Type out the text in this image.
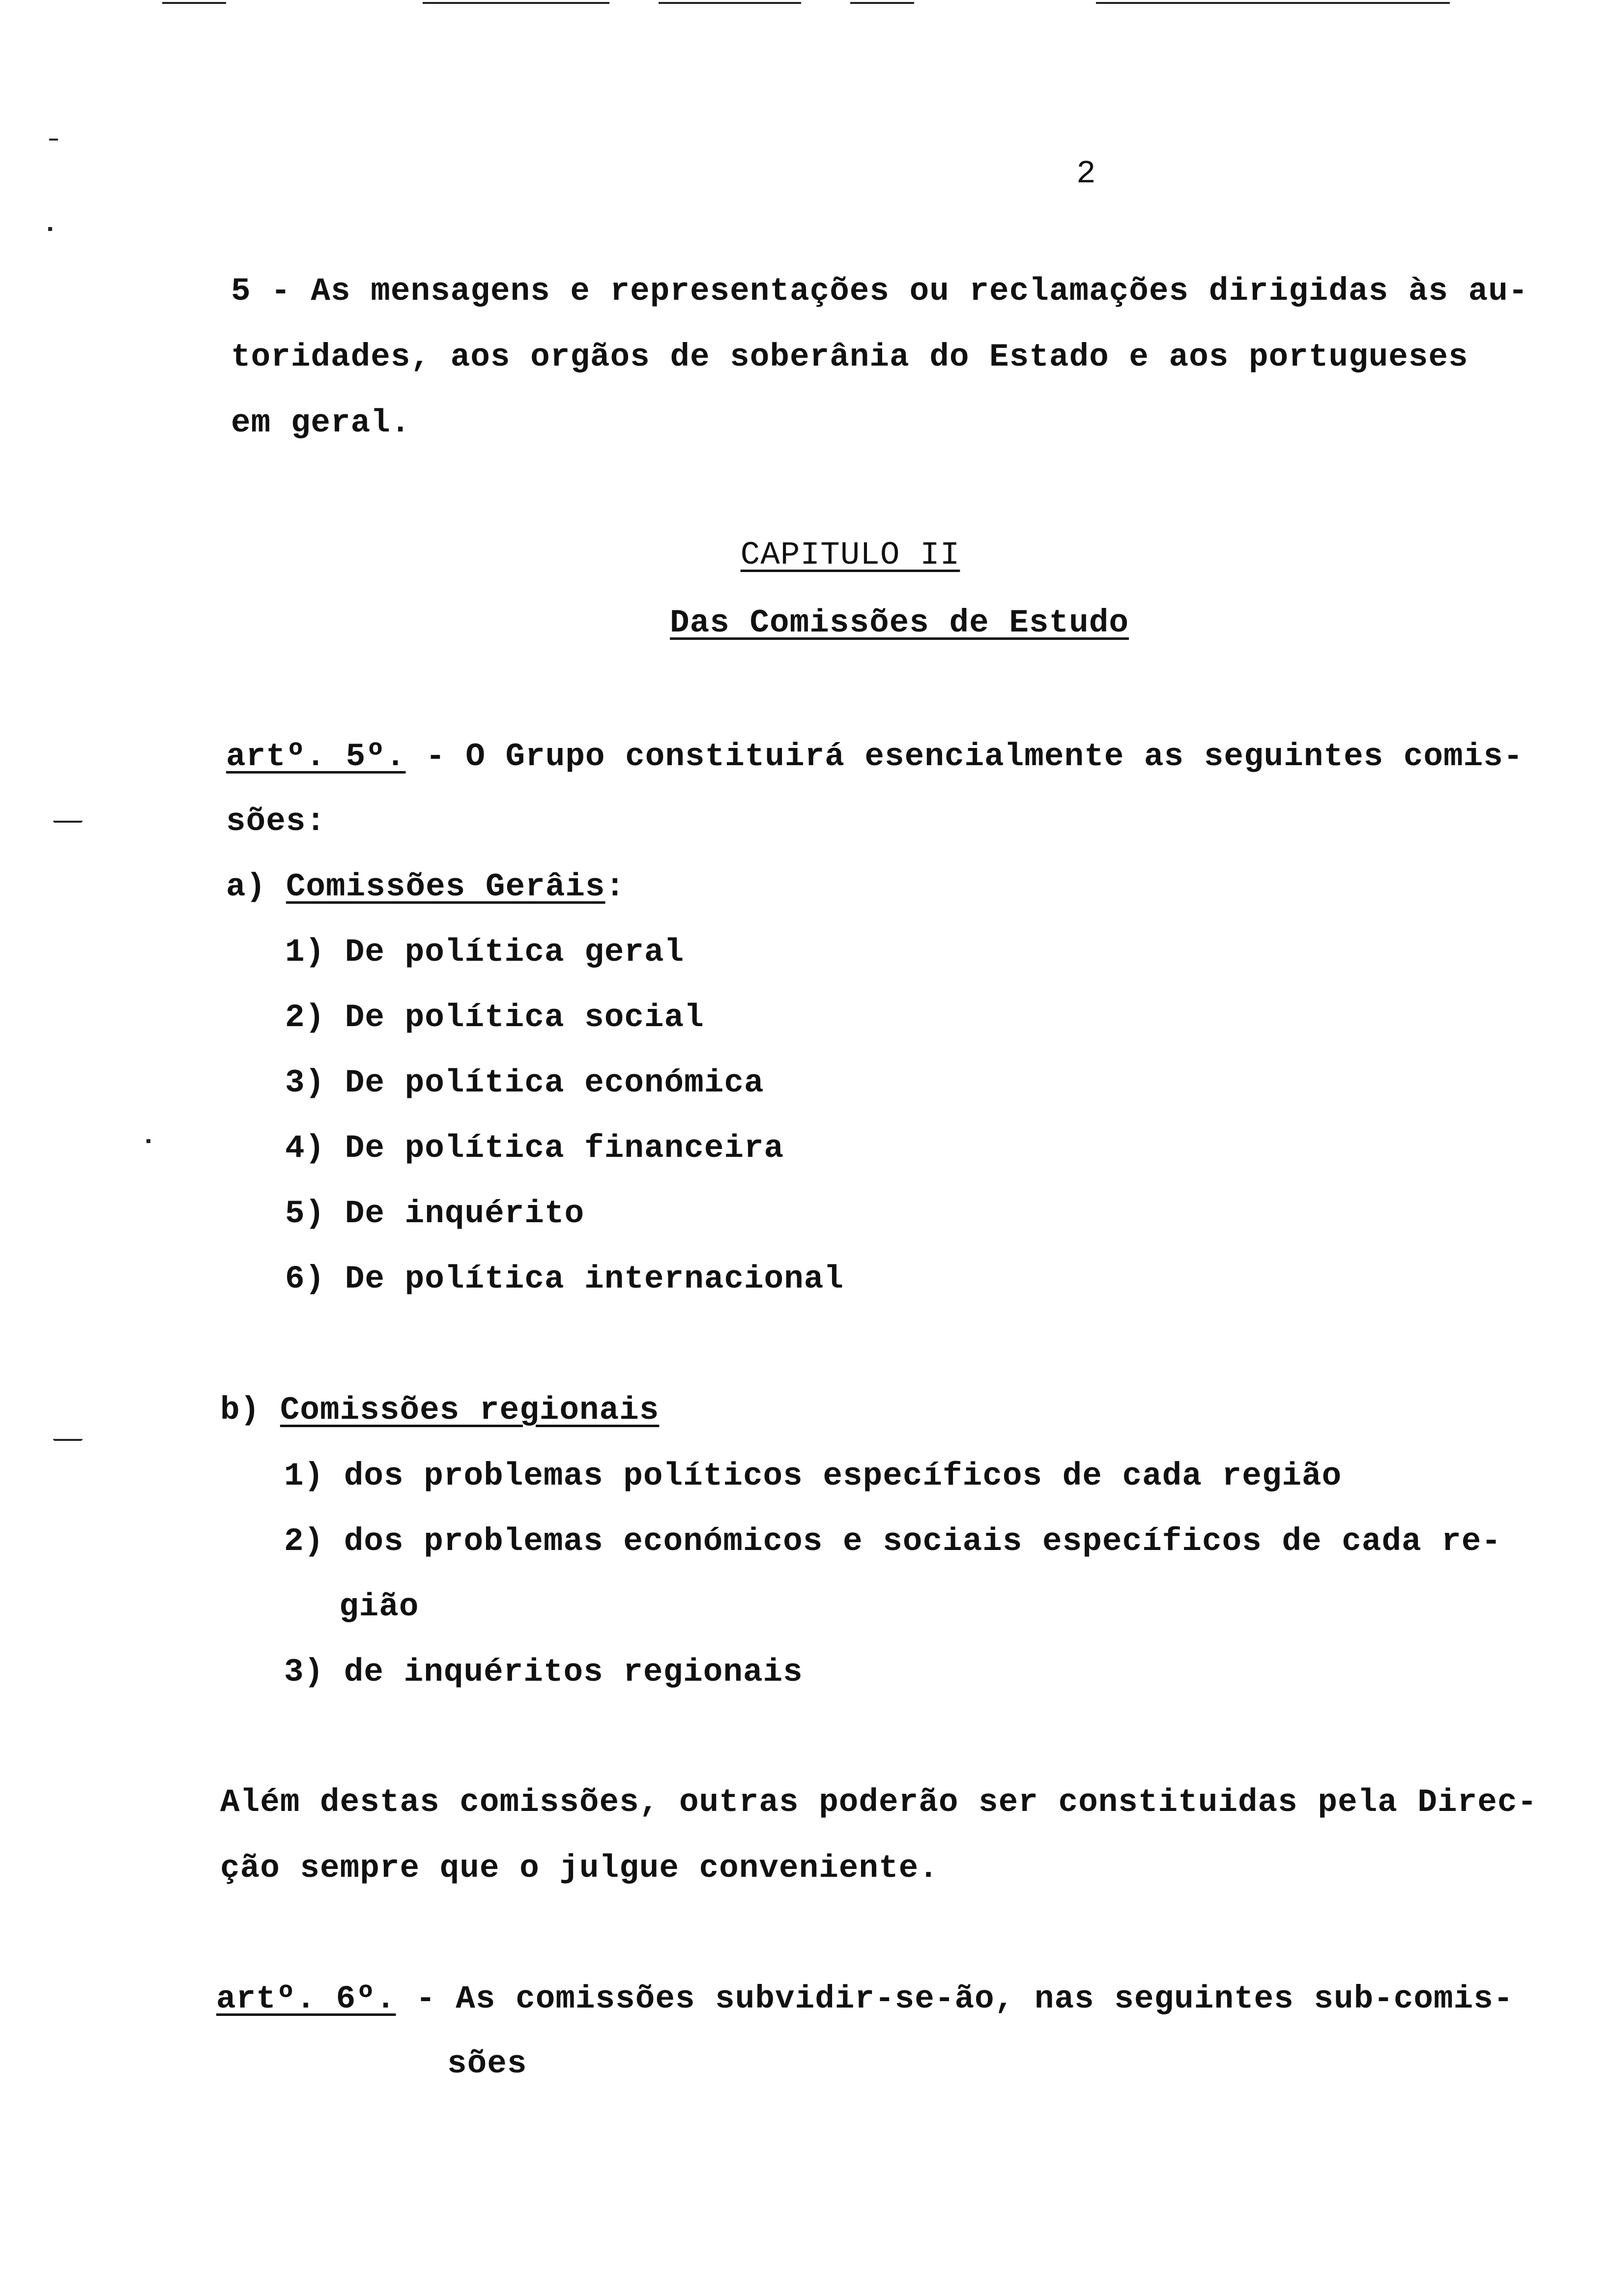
2
5 - As mensagens e representações ou reclamações dirigidas às au-
toridades, aos orgãos de soberânia do Estado e aos portugueses
em geral.
CAPITULO II
Das Comissões de Estudo
artº. 5º. - O Grupo constituirá esencialmente as seguintes comis-
sões:
a) Comissões Gerâis:
1) De política geral
2) De política social
3) De política económica
4) De política financeira
5) De inquérito
6) De política internacional
b) Comissões regionais
1) dos problemas políticos específicos de cada região
2) dos problemas económicos e sociais específicos de cada re-
gião
3) de inquéritos regionais
Além destas comissões, outras poderão ser constituidas pela Direc-
ção sempre que o julgue conveniente.
artº. 6º. - As comissões subvidir-se-ão, nas seguintes sub-comis-
sões
